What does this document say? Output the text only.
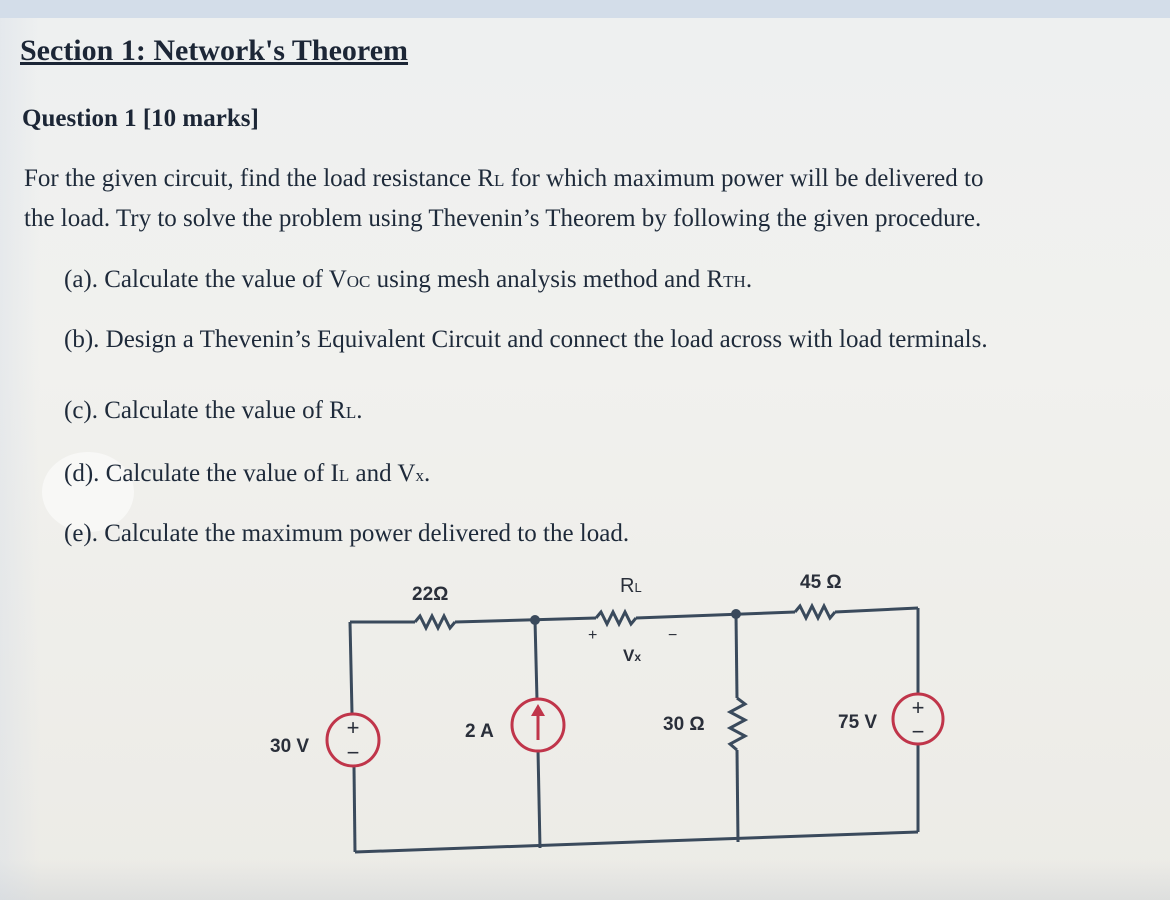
Section 1: Network's Theorem
Question 1 [10 marks]

For the given circuit, find the load resistance RL for which maximum power will be delivered to
the load. Try to solve the problem using Thevenin’s Theorem by following the given procedure.

(a). Calculate the value of VOC using mesh analysis method and RTH.

(b). Design a Thevenin’s Equivalent Circuit and connect the load across with load terminals.

(c). Calculate the value of RL.

(d). Calculate the value of IL and Vx.

(e). Calculate the maximum power delivered to the load.

+
−
+
−
22Ω	RL	45 Ω
+
Vx
−
30 V
2 A	30 Ω	75 V
